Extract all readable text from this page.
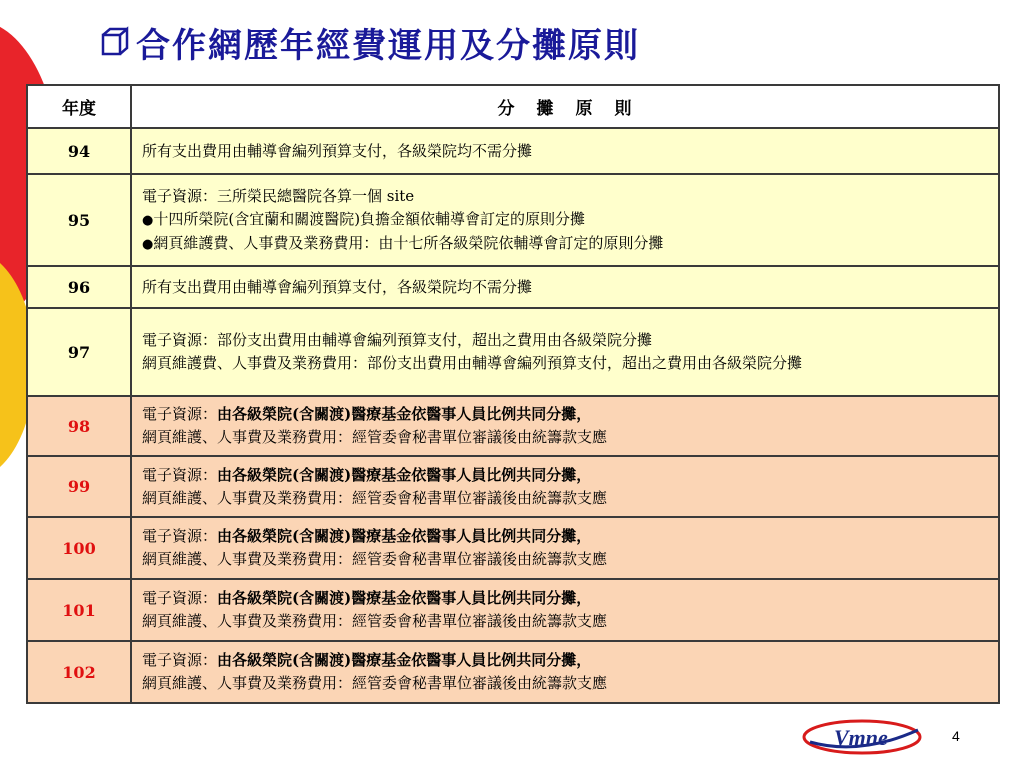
合作網歷年經費運用及分攤原則
年度	分攤原則
94	所有支出費用由輔導會編列預算支付，各級榮院均不需分攤

95	電子資源：三所榮民總醫院各算一個 site
●十四所榮院(含宜蘭和關渡醫院)負擔金額依輔導會訂定的原則分攤
●網頁維護費、人事費及業務費用：由十七所各級榮院依輔導會訂定的原則分攤

96	所有支出費用由輔導會編列預算支付，各級榮院均不需分攤

97	電子資源：部份支出費用由輔導會編列預算支付，超出之費用由各級榮院分攤
網頁維護費、人事費及業務費用：部份支出費用由輔導會編列預算支付，超出之費用由各級榮院分攤

98	電子資源：由各級榮院(含關渡)醫療基金依醫事人員比例共同分攤，
網頁維護、人事費及業務費用：經管委會秘書單位審議後由統籌款支應

99	電子資源：由各級榮院(含關渡)醫療基金依醫事人員比例共同分攤，
網頁維護、人事費及業務費用：經管委會秘書單位審議後由統籌款支應

100	電子資源：由各級榮院(含關渡)醫療基金依醫事人員比例共同分攤，
網頁維護、人事費及業務費用：經管委會秘書單位審議後由統籌款支應

101	電子資源：由各級榮院(含關渡)醫療基金依醫事人員比例共同分攤，
網頁維護、人事費及業務費用：經管委會秘書單位審議後由統籌款支應

102	電子資源：由各級榮院(含關渡)醫療基金依醫事人員比例共同分攤，
網頁維護、人事費及業務費用：經管委會秘書單位審議後由統籌款支應
Vmne	4
